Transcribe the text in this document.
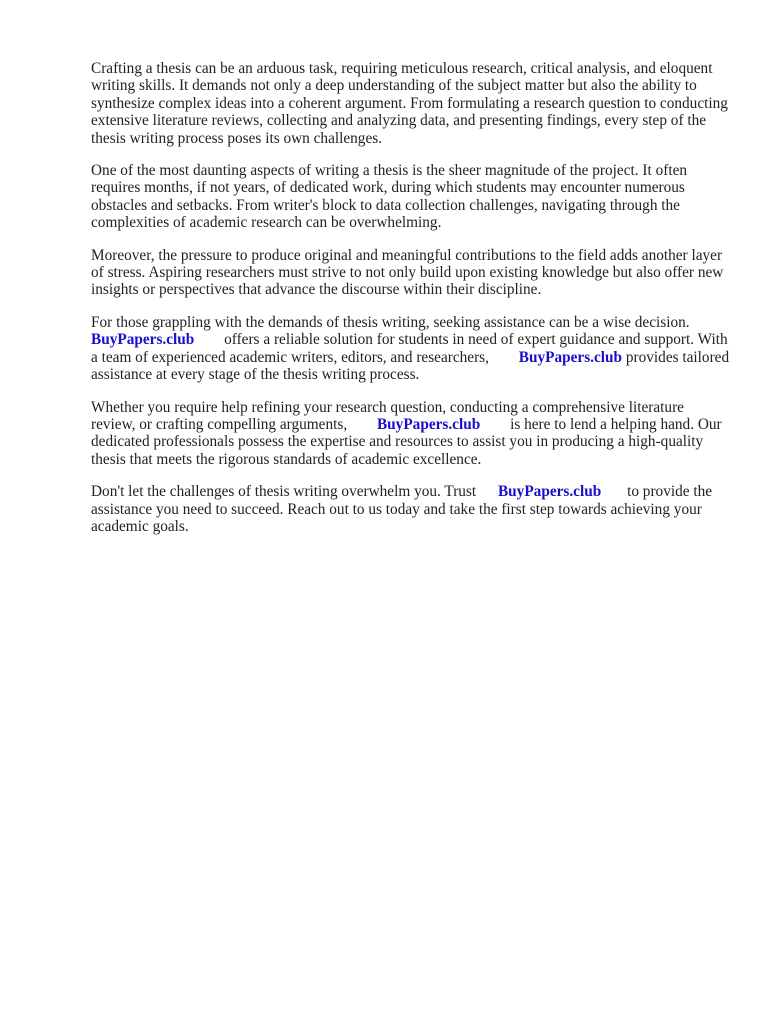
Crafting a thesis can be an arduous task, requiring meticulous research, critical analysis, and eloquent writing skills. It demands not only a deep understanding of the subject matter but also the ability to synthesize complex ideas into a coherent argument. From formulating a research question to conducting extensive literature reviews, collecting and analyzing data, and presenting findings, every step of the thesis writing process poses its own challenges.

One of the most daunting aspects of writing a thesis is the sheer magnitude of the project. It often requires months, if not years, of dedicated work, during which students may encounter numerous obstacles and setbacks. From writer's block to data collection challenges, navigating through the complexities of academic research can be overwhelming.

Moreover, the pressure to produce original and meaningful contributions to the field adds another layer of stress. Aspiring researchers must strive to not only build upon existing knowledge but also offer new insights or perspectives that advance the discourse within their discipline.

For those grappling with the demands of thesis writing, seeking assistance can be a wise decision. BuyPapers.club offers a reliable solution for students in need of expert guidance and support. With a team of experienced academic writers, editors, and researchers, BuyPapers.club provides tailored assistance at every stage of the thesis writing process.

Whether you require help refining your research question, conducting a comprehensive literature review, or crafting compelling arguments, BuyPapers.club is here to lend a helping hand. Our dedicated professionals possess the expertise and resources to assist you in producing a high-quality thesis that meets the rigorous standards of academic excellence.

Don't let the challenges of thesis writing overwhelm you. Trust BuyPapers.club to provide the assistance you need to succeed. Reach out to us today and take the first step towards achieving your academic goals.
